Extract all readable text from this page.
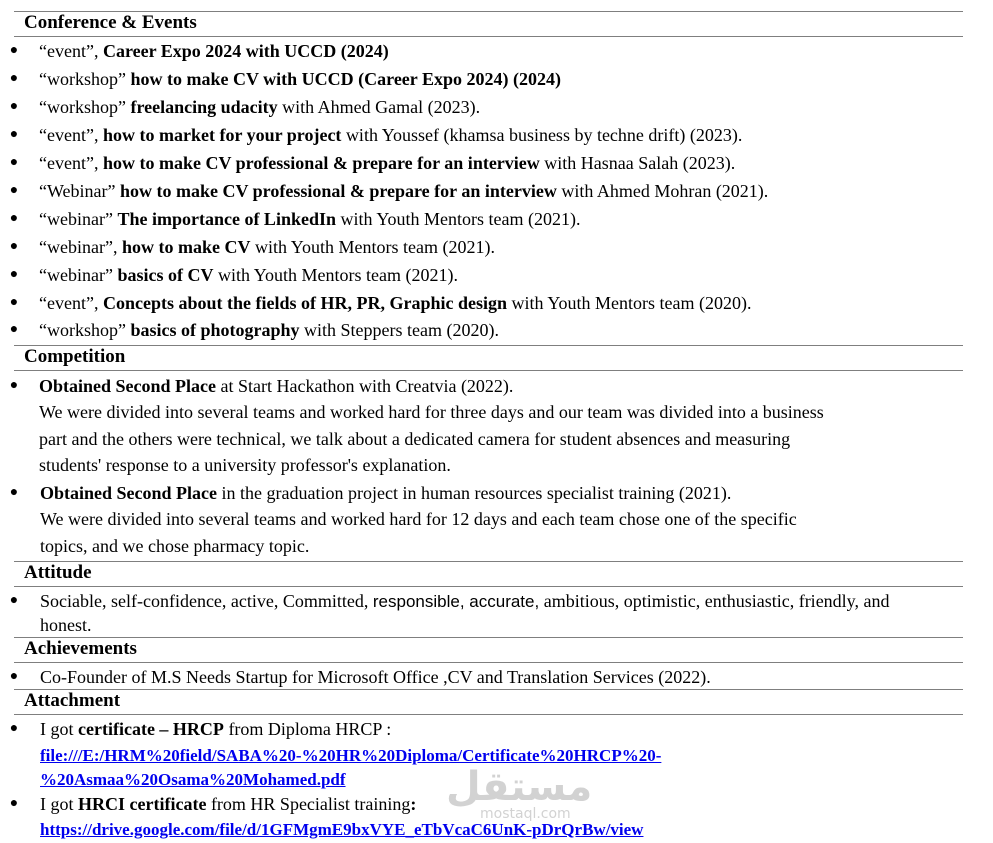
Conference & Events
● “event”, Career Expo 2024 with UCCD (2024)
● “workshop” how to make CV with UCCD (Career Expo 2024) (2024)
● “workshop” freelancing udacity with Ahmed Gamal (2023).
● “event”, how to market for your project with Youssef (khamsa business by techne drift) (2023).
● “event”, how to make CV professional & prepare for an interview with Hasnaa Salah (2023).
● “Webinar” how to make CV professional & prepare for an interview with Ahmed Mohran (2021).
● “webinar” The importance of LinkedIn with Youth Mentors team (2021).
● “webinar”, how to make CV with Youth Mentors team (2021).
● “webinar” basics of CV with Youth Mentors team (2021).
● “event”, Concepts about the fields of HR, PR, Graphic design with Youth Mentors team (2020).
● “workshop” basics of photography with Steppers team (2020).
Competition
● Obtained Second Place at Start Hackathon with Creatvia (2022).
We were divided into several teams and worked hard for three days and our team was divided into a business
part and the others were technical, we talk about a dedicated camera for student absences and measuring
students' response to a university professor's explanation.
● Obtained Second Place in the graduation project in human resources specialist training (2021).
We were divided into several teams and worked hard for 12 days and each team chose one of the specific
topics, and we chose pharmacy topic.
Attitude
● Sociable, self-confidence, active, Committed, responsible, accurate, ambitious, optimistic, enthusiastic, friendly, and
honest.
Achievements
● Co-Founder of M.S Needs Startup for Microsoft Office ,CV and Translation Services (2022).
Attachment
● I got certificate – HRCP from Diploma HRCP :
file:///E:/HRM%20field/SABA%20-%20HR%20Diploma/Certificate%20HRCP%20-
%20Asmaa%20Osama%20Mohamed.pdf
● I got HRCI certificate from HR Specialist training:
https://drive.google.com/file/d/1GFMgmE9bxVYE_eTbVcaC6UnK-pDrQrBw/view
مستقل
mostaql.com
